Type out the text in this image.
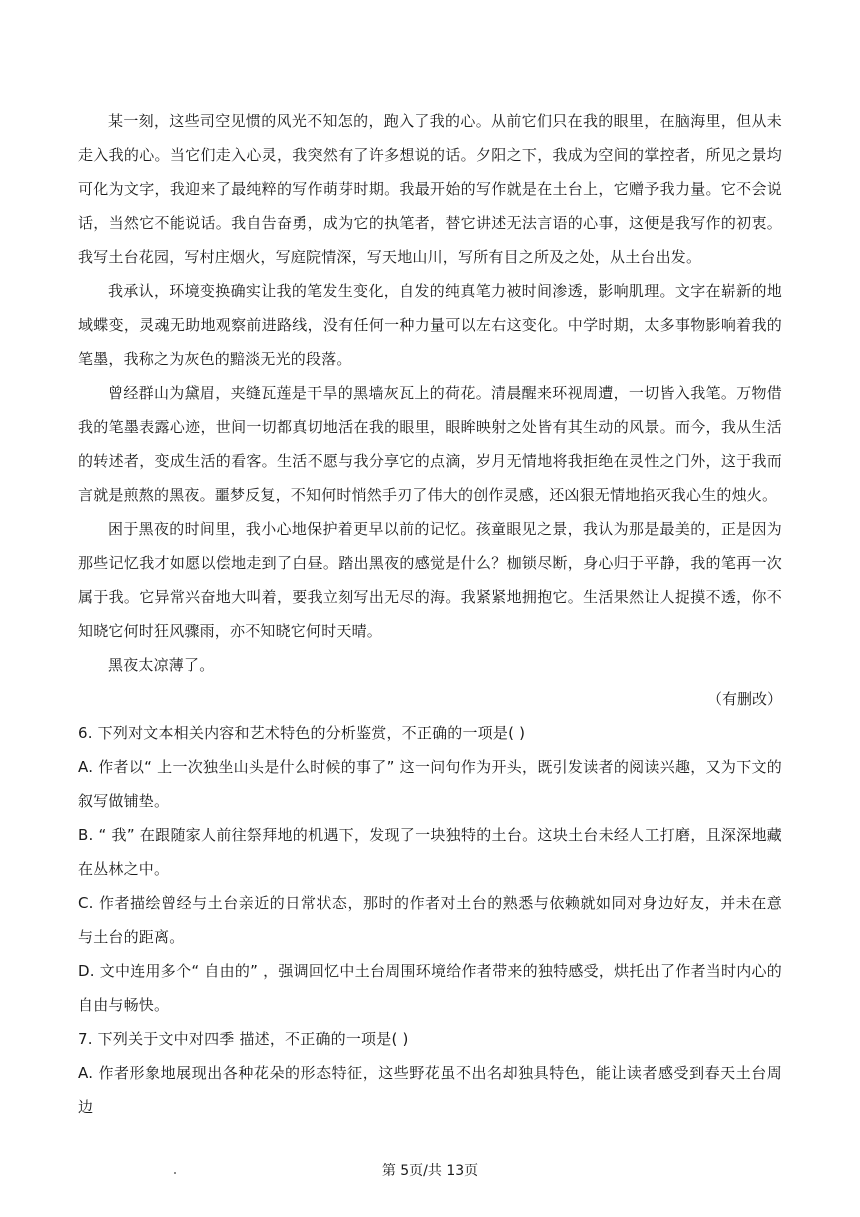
某一刻，这些司空见惯的风光不知怎的，跑入了我的心。从前它们只在我的眼里，在脑海里，但从未走入我的心。当它们走入心灵，我突然有了许多想说的话。夕阳之下，我成为空间的掌控者，所见之景均可化为文字，我迎来了最纯粹的写作萌芽时期。我最开始的写作就是在土台上，它赠予我力量。它不会说话，当然它不能说话。我自告奋勇，成为它的执笔者，替它讲述无法言语的心事，这便是我写作的初衷。我写土台花园，写村庄烟火，写庭院情深，写天地山川，写所有目之所及之处，从土台出发。

我承认，环境变换确实让我的笔发生变化，自发的纯真笔力被时间渗透，影响肌理。文字在崭新的地域蝶变，灵魂无助地观察前进路线，没有任何一种力量可以左右这变化。中学时期，太多事物影响着我的笔墨，我称之为灰色的黯淡无光的段落。

曾经群山为黛眉，夹缝瓦莲是干旱的黑墙灰瓦上的荷花。清晨醒来环视周遭，一切皆入我笔。万物借我的笔墨表露心迹，世间一切都真切地活在我的眼里，眼眸映射之处皆有其生动的风景。而今，我从生活的转述者，变成生活的看客。生活不愿与我分享它的点滴，岁月无情地将我拒绝在灵性之门外，这于我而言就是煎熬的黑夜。噩梦反复，不知何时悄然手刃了伟大的创作灵感，还凶狠无情地掐灭我心生的烛火。

困于黑夜的时间里，我小心地保护着更早以前的记忆。孩童眼见之景，我认为那是最美的，正是因为那些记忆我才如愿以偿地走到了白昼。踏出黑夜的感觉是什么？枷锁尽断，身心归于平静，我的笔再一次属于我。它异常兴奋地大叫着，要我立刻写出无尽的海。我紧紧地拥抱它。生活果然让人捉摸不透，你不知晓它何时狂风骤雨，亦不知晓它何时天晴。

黑夜太凉薄了。

（有删改）

6. 下列对文本相关内容和艺术特色的分析鉴赏，不正确的一项是( )

A. 作者以“ 上一次独坐山头是什么时候的事了” 这一问句作为开头，既引发读者的阅读兴趣，又为下文的叙写做铺垫。

B. “ 我” 在跟随家人前往祭拜地的机遇下，发现了一块独特的土台。这块土台未经人工打磨，且深深地藏在丛林之中。

C. 作者描绘曾经与土台亲近的日常状态，那时的作者对土台的熟悉与依赖就如同对身边好友，并未在意与土台的距离。

D. 文中连用多个“ 自由的” ，强调回忆中土台周围环境给作者带来的独特感受，烘托出了作者当时内心的自由与畅快。

7. 下列关于文中对四季 描述，不正确的一项是( )

A. 作者形象地展现出各种花朵的形态特征，这些野花虽不出名却独具特色，能让读者感受到春天土台周边

第 5页/共 13页
